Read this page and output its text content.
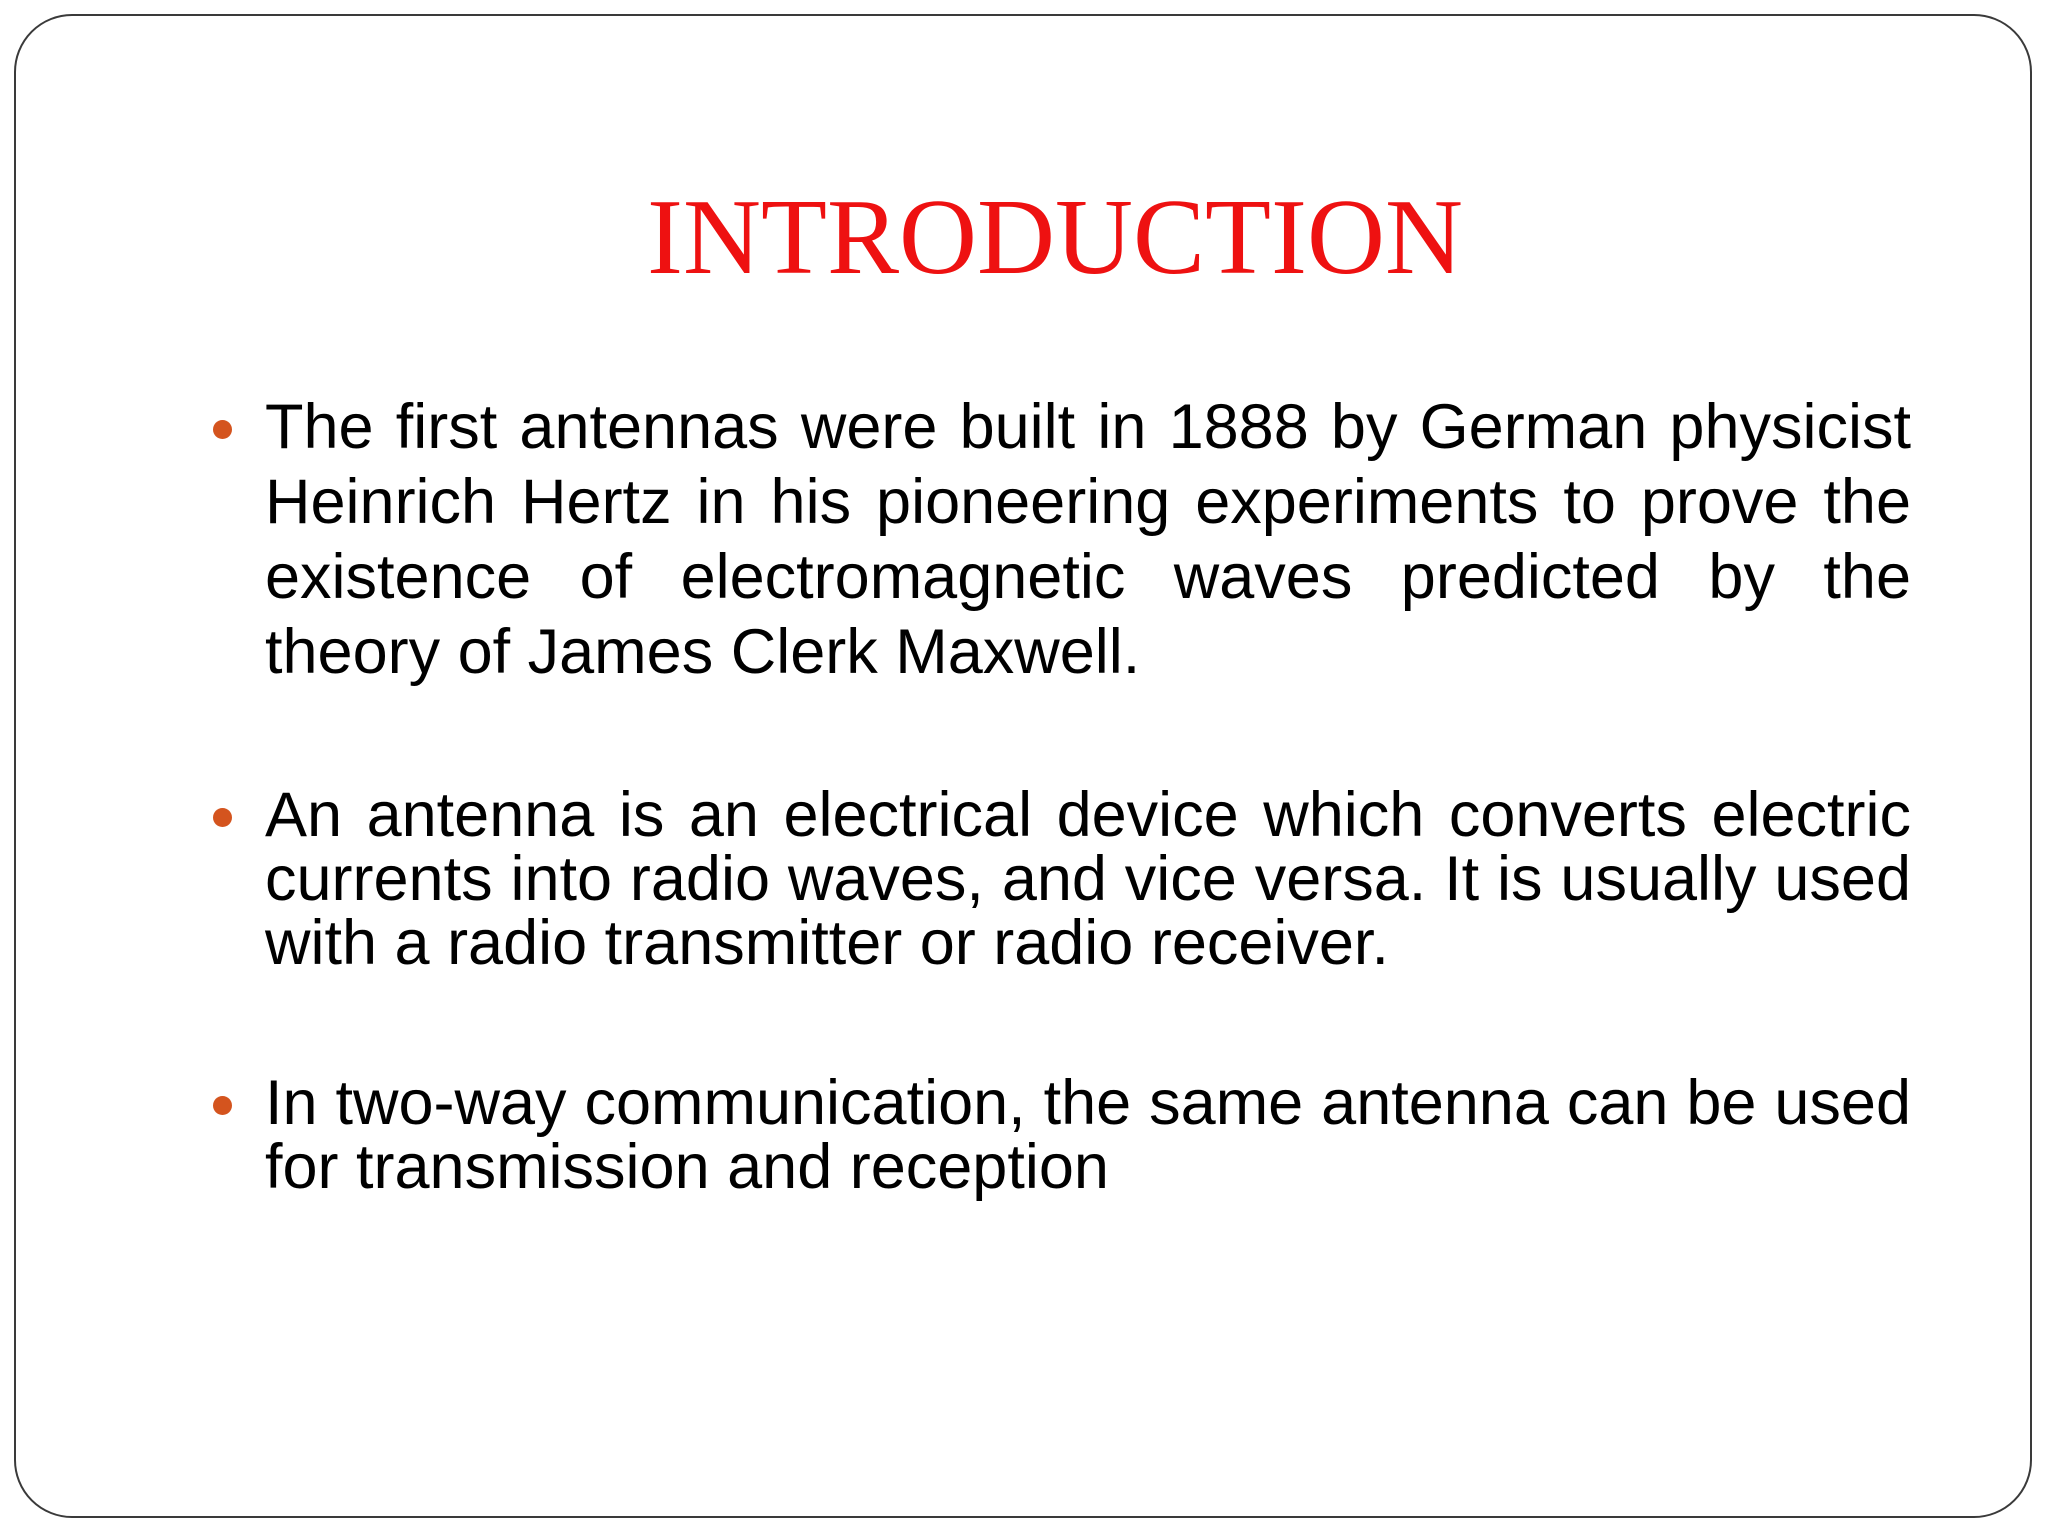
INTRODUCTION
The first antennas were built in 1888 by German physicist Heinrich Hertz in his pioneering experiments to prove the existence of electromagnetic waves predicted by the theory of James Clerk Maxwell.
An antenna is an electrical device which converts electric currents into radio waves, and vice versa. It is usually used with a radio transmitter or radio receiver.
In two-way communication, the same antenna can be used for transmission and reception
